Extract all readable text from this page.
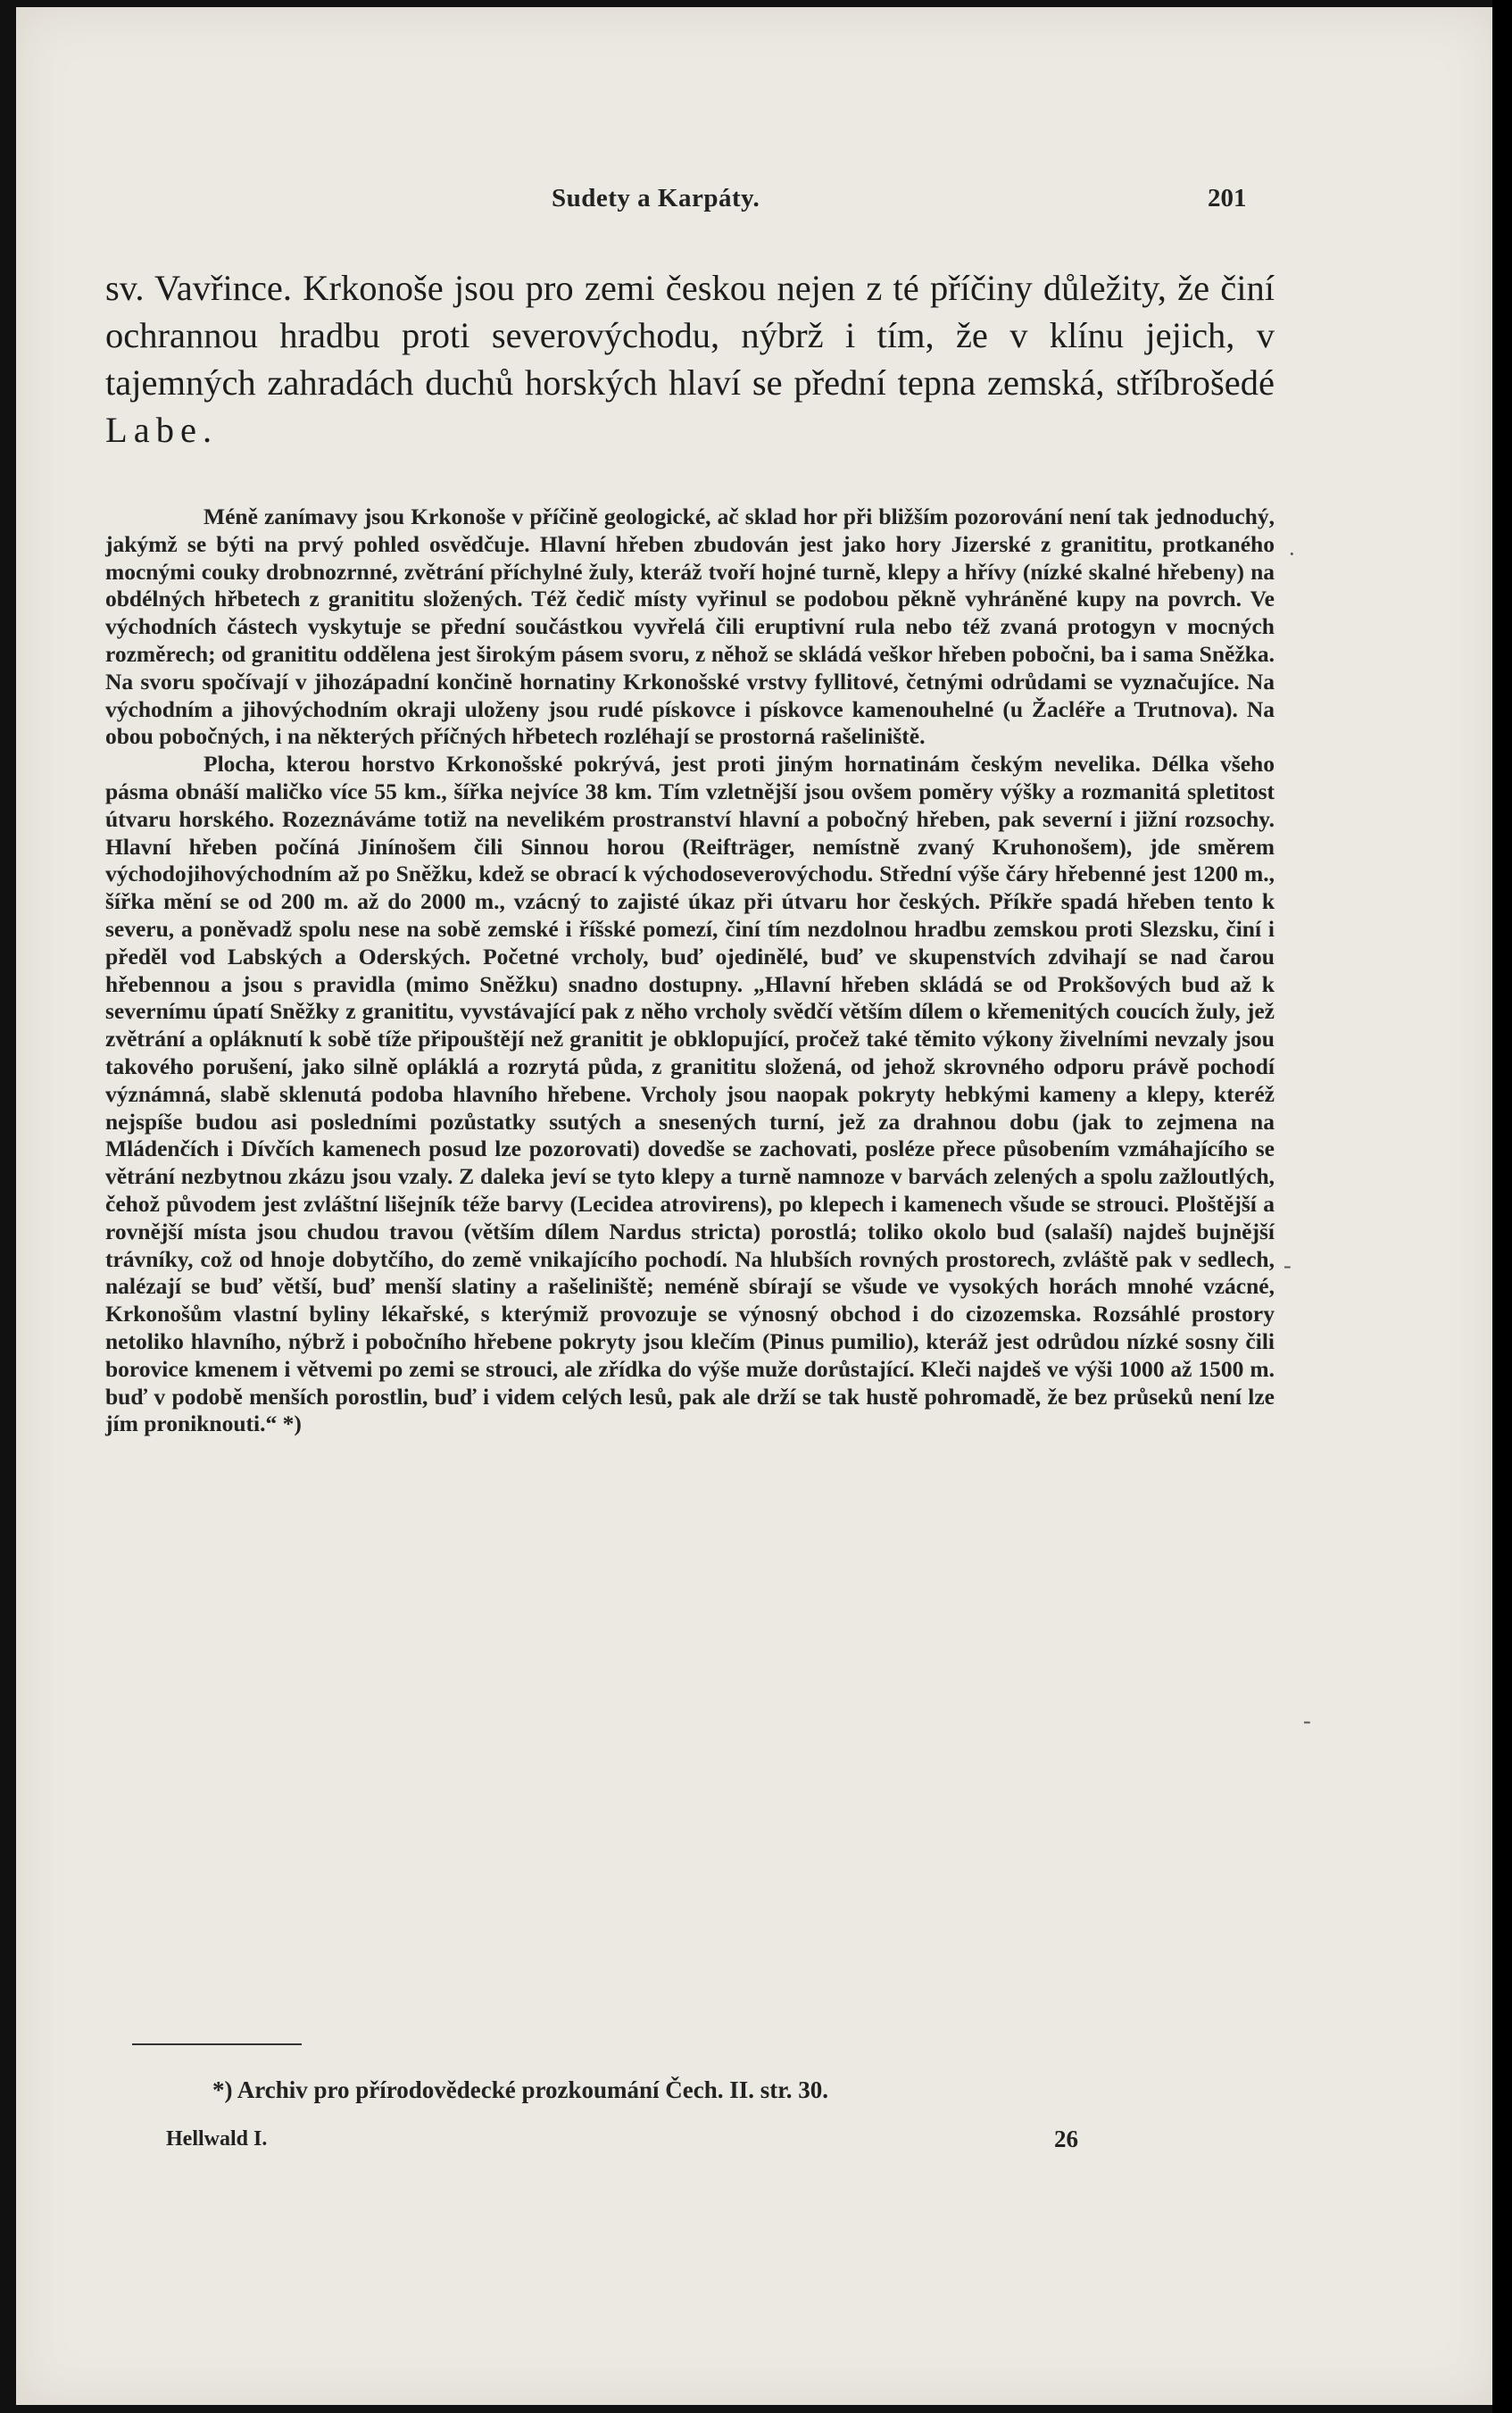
Sudety a Karpáty.	201
sv. Vavřince. Krkonoše jsou pro zemi českou nejen z té příčiny důležity, že činí ochrannou hradbu proti severovýchodu, nýbrž i tím, že v klínu jejich, v tajemných zahradách duchů horských hlaví se přední tepna zemská, stříbrošedé Labe.

Méně zanímavy jsou Krkonoše v příčině geologické, ač sklad hor při bližším pozorování není tak jednoduchý, jakýmž se býti na prvý pohled osvědčuje. Hlavní hřeben zbudován jest jako hory Jizerské z granititu, protkaného mocnými couky drobnozrnné, zvětrání příchylné žuly, kteráž tvoří hojné turně, klepy a hřívy (nízké skalné hřebeny) na obdélných hřbetech z granititu složených. Též čedič místy vyřinul se podobou pěkně vyhráněné kupy na povrch. Ve východních částech vyskytuje se přední součástkou vyvřelá čili eruptivní rula nebo též zvaná protogyn v mocných rozměrech; od granititu oddělena jest širokým pásem svoru, z něhož se skládá veškor hřeben pobočni, ba i sama Sněžka. Na svoru spočívají v jihozápadní končině hornatiny Krkonošské vrstvy fyllitové, četnými odrůdami se vyznačujíce. Na východním a jihovýchodním okraji uloženy jsou rudé pískovce i pískovce kamenouhelné (u Žacléře a Trutnova). Na obou pobočných, i na některých příčných hřbetech rozléhají se prostorná rašeliniště.

Plocha, kterou horstvo Krkonošské pokrývá, jest proti jiným hornatinám českým nevelika. Délka všeho pásma obnáší maličko více 55 km., šířka nejvíce 38 km. Tím vzletnější jsou ovšem poměry výšky a rozmanitá spletitost útvaru horského. Rozeznáváme totiž na nevelikém prostranství hlavní a pobočný hřeben, pak severní i jižní rozsochy. Hlavní hřeben počíná Jinínošem čili Sinnou horou (Reifträger, nemístně zvaný Kruhonošem), jde směrem východojihovýchodním až po Sněžku, kdež se obrací k východoseverovýchodu. Střední výše čáry hřebenné jest 1200 m., šířka mění se od 200 m. až do 2000 m., vzácný to zajisté úkaz při útvaru hor českých. Příkře spadá hřeben tento k severu, a poněvadž spolu nese na sobě zemské i říšské pomezí, činí tím nezdolnou hradbu zemskou proti Slezsku, činí i předěl vod Labských a Oderských. Početné vrcholy, buď ojedinělé, buď ve skupenstvích zdvihají se nad čarou hřebennou a jsou s pravidla (mimo Sněžku) snadno dostupny. „Hlavní hřeben skládá se od Prokšových bud až k severnímu úpatí Sněžky z granititu, vyvstávající pak z něho vrcholy svědčí větším dílem o křemenitých coucích žuly, jež zvětrání a opláknutí k sobě tíže připouštějí než granitit je obklopující, pročež také těmito výkony živelními nevzaly jsou takového porušení, jako silně opláklá a rozrytá půda, z granititu složená, od jehož skrovného odporu právě pochodí význámná, slabě sklenutá podoba hlavního hřebene. Vrcholy jsou naopak pokryty hebkými kameny a klepy, kteréž nejspíše budou asi posledními pozůstatky ssutých a snesených turní, jež za drahnou dobu (jak to zejmena na Mládenčích i Dívčích kamenech posud lze pozorovati) dovedše se zachovati, posléze přece působením vzmáhajícího se větrání nezbytnou zkázu jsou vzaly. Z daleka jeví se tyto klepy a turně namnoze v barvách zelených a spolu zažloutlých, čehož původem jest zvláštní lišejník téže barvy (Lecidea atrovirens), po klepech i kamenech všude se strouci. Ploštější a rovnější místa jsou chudou travou (větším dílem Nardus stricta) porostlá; toliko okolo bud (salaší) najdeš bujnější trávníky, což od hnoje dobytčího, do země vnikajícího pochodí. Na hlubších rovných prostorech, zvláště pak v sedlech, nalézají se buď větší, buď menší slatiny a rašeliniště; neméně sbírají se všude ve vysokých horách mnohé vzácné, Krkonošům vlastní byliny lékařské, s kterýmiž provozuje se výnosný obchod i do cizozemska. Rozsáhlé prostory netoliko hlavního, nýbrž i pobočního hřebene pokryty jsou klečím (Pinus pumilio), kteráž jest odrůdou nízké sosny čili borovice kmenem i větvemi po zemi se strouci, ale zřídka do výše muže dorůstající. Kleči najdeš ve výši 1000 až 1500 m. buď v podobě menších porostlin, buď i videm celých lesů, pak ale drží se tak hustě pohromadě, že bez průseků není lze jím proniknouti.“ *)

*) Archiv pro přírodovědecké prozkoumání Čech. II. str. 30.
Hellwald I.	26
·
-
-
